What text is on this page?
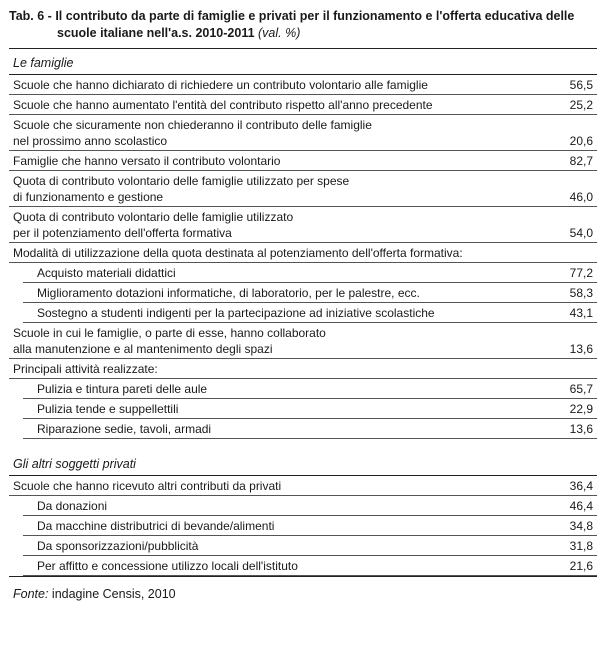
Tab. 6 - Il contributo da parte di famiglie e privati per il funzionamento e l'offerta educativa delle
scuole italiane nell'a.s. 2010-2011 (val. %)
Le famiglie
Scuole che hanno dichiarato di richiedere un contributo volontario alle famiglie	56,5
Scuole che hanno aumentato l'entità del contributo rispetto all'anno precedente	25,2
Scuole che sicuramente non chiederanno il contributo delle famiglie
nel prossimo anno scolastico	20,6
Famiglie che hanno versato il contributo volontario	82,7
Quota di contributo volontario delle famiglie utilizzato per spese
di funzionamento e gestione	46,0
Quota di contributo volontario delle famiglie utilizzato
per il potenziamento dell'offerta formativa	54,0
Modalità di utilizzazione della quota destinata al potenziamento dell'offerta formativa:
Acquisto materiali didattici	77,2
Miglioramento dotazioni informatiche, di laboratorio, per le palestre, ecc.	58,3
Sostegno a studenti indigenti per la partecipazione ad iniziative scolastiche	43,1
Scuole in cui le famiglie, o parte di esse, hanno collaborato
alla manutenzione e al mantenimento degli spazi	13,6
Principali attività realizzate:
Pulizia e tintura pareti delle aule	65,7
Pulizia tende e suppellettili	22,9
Riparazione sedie, tavoli, armadi	13,6
Gli altri soggetti privati
Scuole che hanno ricevuto altri contributi da privati	36,4
Da donazioni	46,4
Da macchine distributrici di bevande/alimenti	34,8
Da sponsorizzazioni/pubblicità	31,8
Per affitto e concessione utilizzo locali dell'istituto	21,6
Fonte: indagine Censis, 2010
